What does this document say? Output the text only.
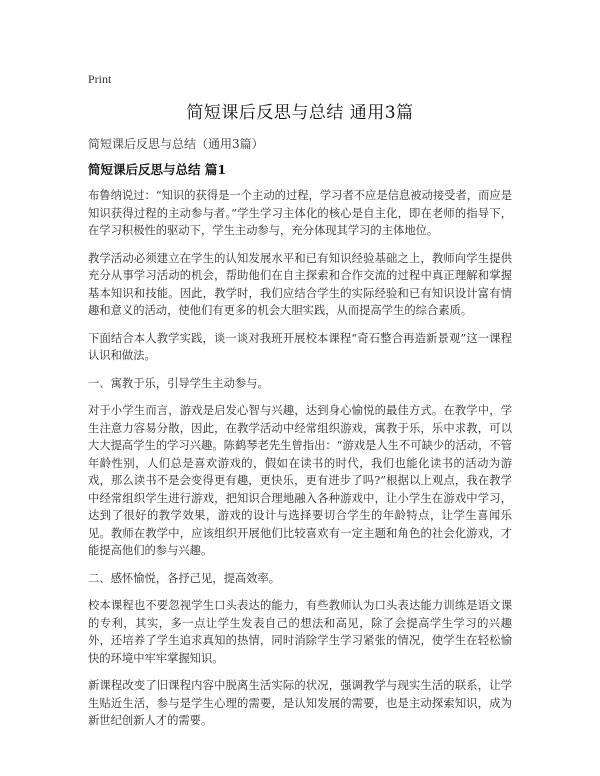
Print

简短课后反思与总结 通用3篇

简短课后反思与总结（通用3篇）

简短课后反思与总结 篇1

布鲁纳说过：“知识的获得是一个主动的过程，学习者不应是信息被动接受者，而应是知识获得过程的主动参与者。”学生学习主体化的核心是自主化，即在老师的指导下，在学习积极性的驱动下，学生主动参与，充分体现其学习的主体地位。

教学活动必须建立在学生的认知发展水平和已有知识经验基础之上，教师向学生提供充分从事学习活动的机会，帮助他们在自主探索和合作交流的过程中真正理解和掌握基本知识和技能。因此，教学时，我们应结合学生的实际经验和已有知识设计富有情趣和意义的活动，使他们有更多的机会大胆实践，从而提高学生的综合素质。

下面结合本人教学实践，谈一谈对我班开展校本课程“奇石整合再造新景观”这一课程认识和做法。

一、寓教于乐，引导学生主动参与。

对于小学生而言，游戏是启发心智与兴趣，达到身心愉悦的最佳方式。在教学中，学生注意力容易分散，因此，在教学活动中经常组织游戏，寓教于乐，乐中求教，可以大大提高学生的学习兴趣。陈鹤琴老先生曾指出：“游戏是人生不可缺少的活动，不管年龄性别，人们总是喜欢游戏的，假如在读书的时代，我们也能化读书的活动为游戏，那么读书不是会变得更有趣，更快乐，更有进步了吗?”根据以上观点，我在教学中经常组织学生进行游戏，把知识合理地融入各种游戏中，让小学生在游戏中学习，达到了很好的教学效果，游戏的设计与选择要切合学生的年龄特点，让学生喜闻乐见。教师在教学中，应该组织开展他们比较喜欢有一定主题和角色的社会化游戏，才能提高他们的参与兴趣。

二、感怀愉悦，各抒己见，提高效率。

校本课程也不要忽视学生口头表达的能力，有些教师认为口头表达能力训练是语文课的专利，其实，多一点让学生发表自己的想法和高见，除了会提高学生学习的兴趣外，还培养了学生追求真知的热情，同时消除学生学习紧张的情况，使学生在轻松愉快的环境中牢牢掌握知识。

新课程改变了旧课程内容中脱离生活实际的状况，强调教学与现实生活的联系，让学生贴近生活，参与是学生心理的需要，是认知发展的需要，也是主动探索知识，成为新世纪创新人才的需要。
